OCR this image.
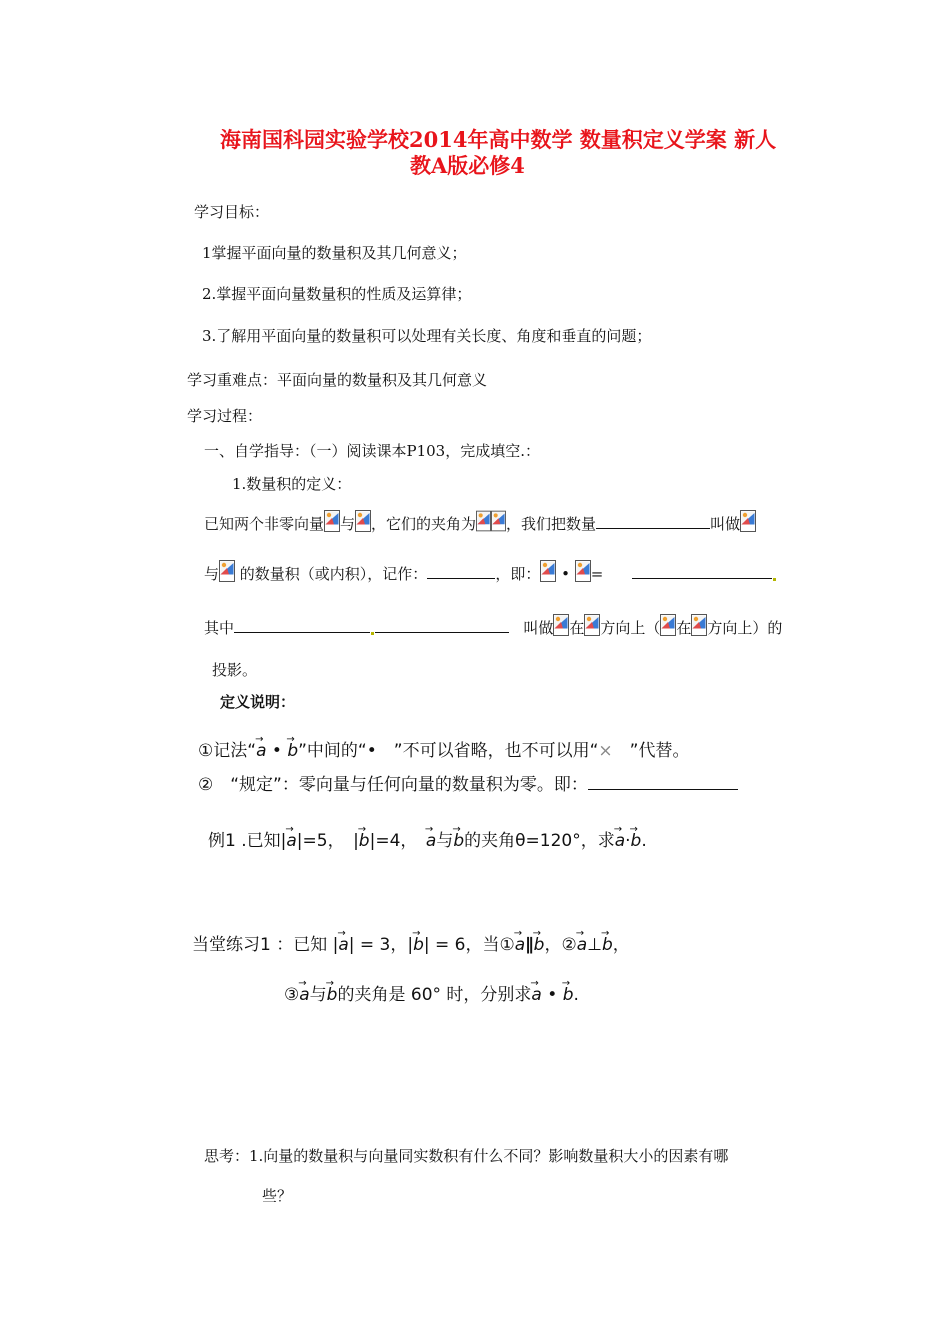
海南国科园实验学校2014年高中数学 数量积定义学案 新人
教A版必修4
学习目标：
1掌握平面向量的数量积及其几何意义；
2.掌握平面向量数量积的性质及运算律；
3.了解用平面向量的数量积可以处理有关长度、角度和垂直的问题；
学习重难点：平面向量的数量积及其几何意义
学习过程：
一、自学指导：（一）阅读课本P103，完成填空.：
1.数量积的定义：
已知两个非零向量 与 ，它们的夹角为 ，我们把数量	叫做
与 的数量积（或内积），记作：	，即： • =
其中	叫做 在 方向上（ 在 方向上）的
投影。
定义说明：
①记法“→ a • → b”中间的“•　”不可以省略，也不可以用“×　”代替。
②　“规定”：零向量与任何向量的数量积为零。即：
例1 .已知|→ a|=5，　|→ b|=4，　→ a与→ b的夹角θ=120°，求→ a·→ b.
当堂练习1 ：已知 |→ a| = 3，|→ b| = 6，当①→ a∥→ b，②→ a⊥→ b，
③→ a与→ b的夹角是 60° 时，分别求→ a • → b.
思考：1.向量的数量积与向量同实数积有什么不同？影响数量积大小的因素有哪
些？
